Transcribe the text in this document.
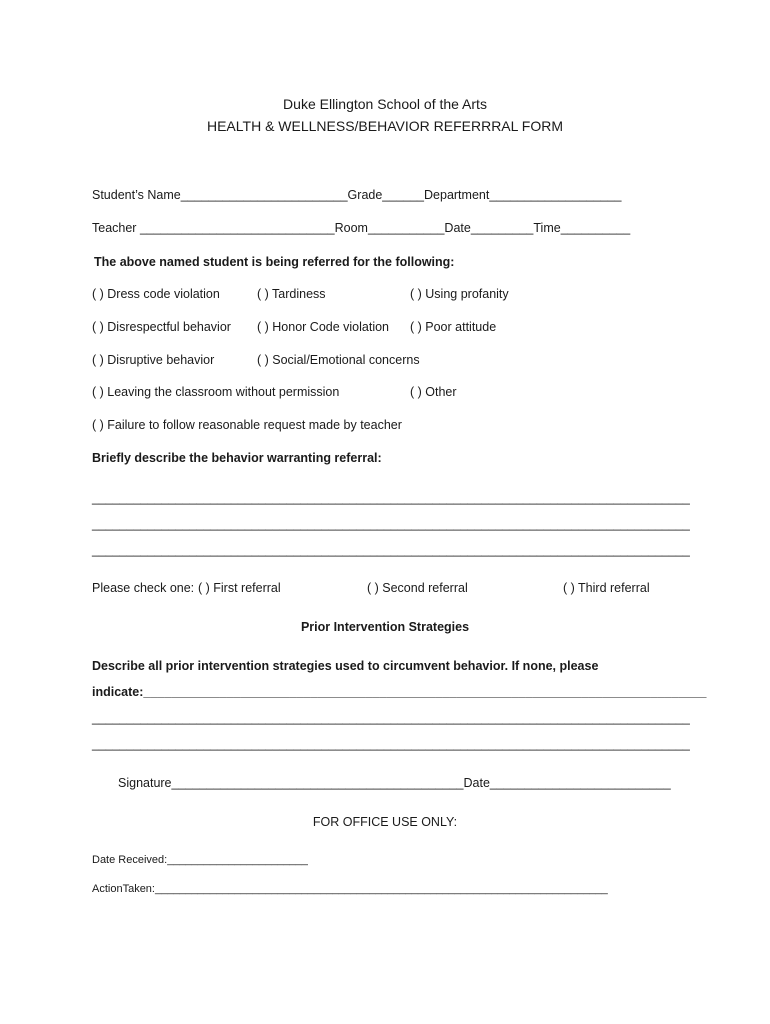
Duke Ellington School of the Arts

HEALTH & WELLNESS/BEHAVIOR REFERRRAL FORM

Student’s Name________________________Grade______Department___________________

Teacher ____________________________Room___________Date_________Time__________

The above named student is being referred for the following:

( ) Dress code violation	( ) Tardiness	( ) Using profanity

( ) Disrespectful behavior ( ) Honor Code violation ( ) Poor attitude

( ) Disruptive behavior	( ) Social/Emotional concerns

( ) Leaving the classroom without permission	( ) Other

( ) Failure to follow reasonable request made by teacher

Briefly describe the behavior warranting referral:

______________________________________________________________________________________

______________________________________________________________________________________

______________________________________________________________________________________

Please check one: ( ) First referral	( ) Second referral	( ) Third referral

Prior Intervention Strategies

Describe all prior intervention strategies used to circumvent behavior. If none, please

indicate:_________________________________________________________________________________

______________________________________________________________________________________

______________________________________________________________________________________

Signature__________________________________________Date__________________________

FOR OFFICE USE ONLY:

Date Received:_______________________

ActionTaken:__________________________________________________________________________
